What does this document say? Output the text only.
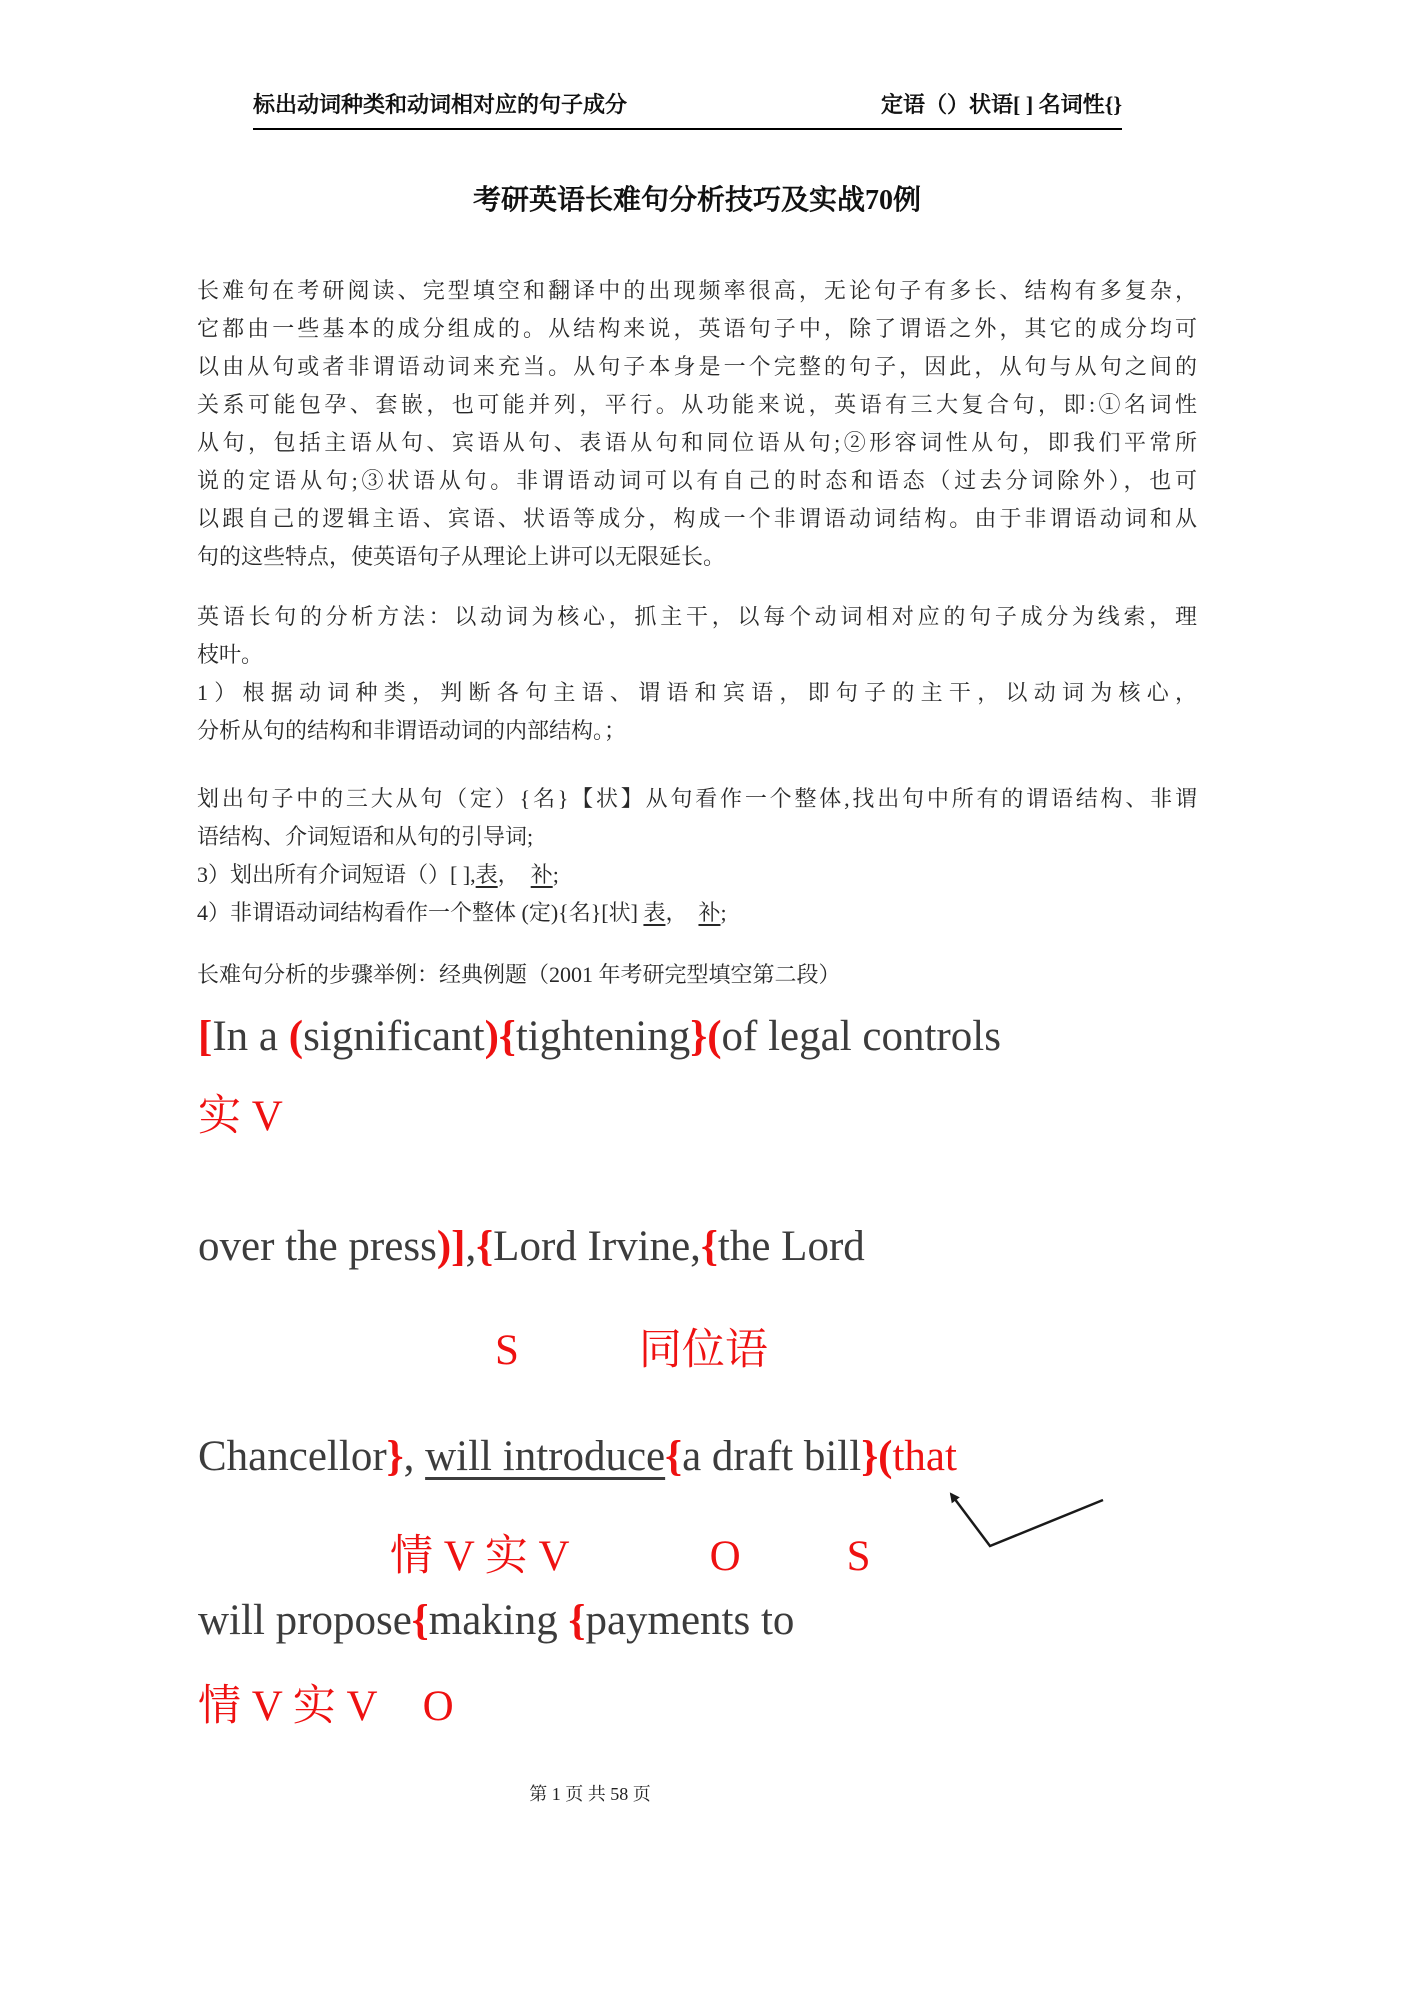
标出动词种类和动词相对应的句子成分	定语（）状语[ ] 名词性{}
考研英语长难句分析技巧及实战70例
长难句在考研阅读、完型填空和翻译中的出现频率很高，无论句子有多长、结构有多复杂，
它都由一些基本的成分组成的。从结构来说，英语句子中，除了谓语之外，其它的成分均可
以由从句或者非谓语动词来充当。从句子本身是一个完整的句子，因此，从句与从句之间的
关系可能包孕、套嵌，也可能并列，平行。从功能来说，英语有三大复合句，即:①名词性
从句，包括主语从句、宾语从句、表语从句和同位语从句;②形容词性从句，即我们平常所
说的定语从句;③状语从句。非谓语动词可以有自己的时态和语态（过去分词除外），也可
以跟自己的逻辑主语、宾语、状语等成分，构成一个非谓语动词结构。由于非谓语动词和从
句的这些特点，使英语句子从理论上讲可以无限延长。
英语长句的分析方法：以动词为核心，抓主干，以每个动词相对应的句子成分为线索，理
枝叶。
1）根据动词种类，判断各句主语、谓语和宾语，即句子的主干，以动词为核心，
分析从句的结构和非谓语动词的内部结构。；
划出句子中的三大从句（定）{名}【状】从句看作一个整体,找出句中所有的谓语结构、非谓
语结构、介词短语和从句的引导词;
3）划出所有介词短语（）[ ],表，  补;
4）非谓语动词结构看作一个整体 (定){名}[状] 表，  补;
长难句分析的步骤举例：经典例题（2001 年考研完型填空第二段）
[In a (significant){tightening}(of legal controls
实 V
over the press)],{Lord Irvine,{the Lord
S	同位语
Chancellor}, will introduce{a draft bill}(that
情 V 实 V	O S
will propose{making {payments to
情 V 实 V O
第 1 页 共 58 页
